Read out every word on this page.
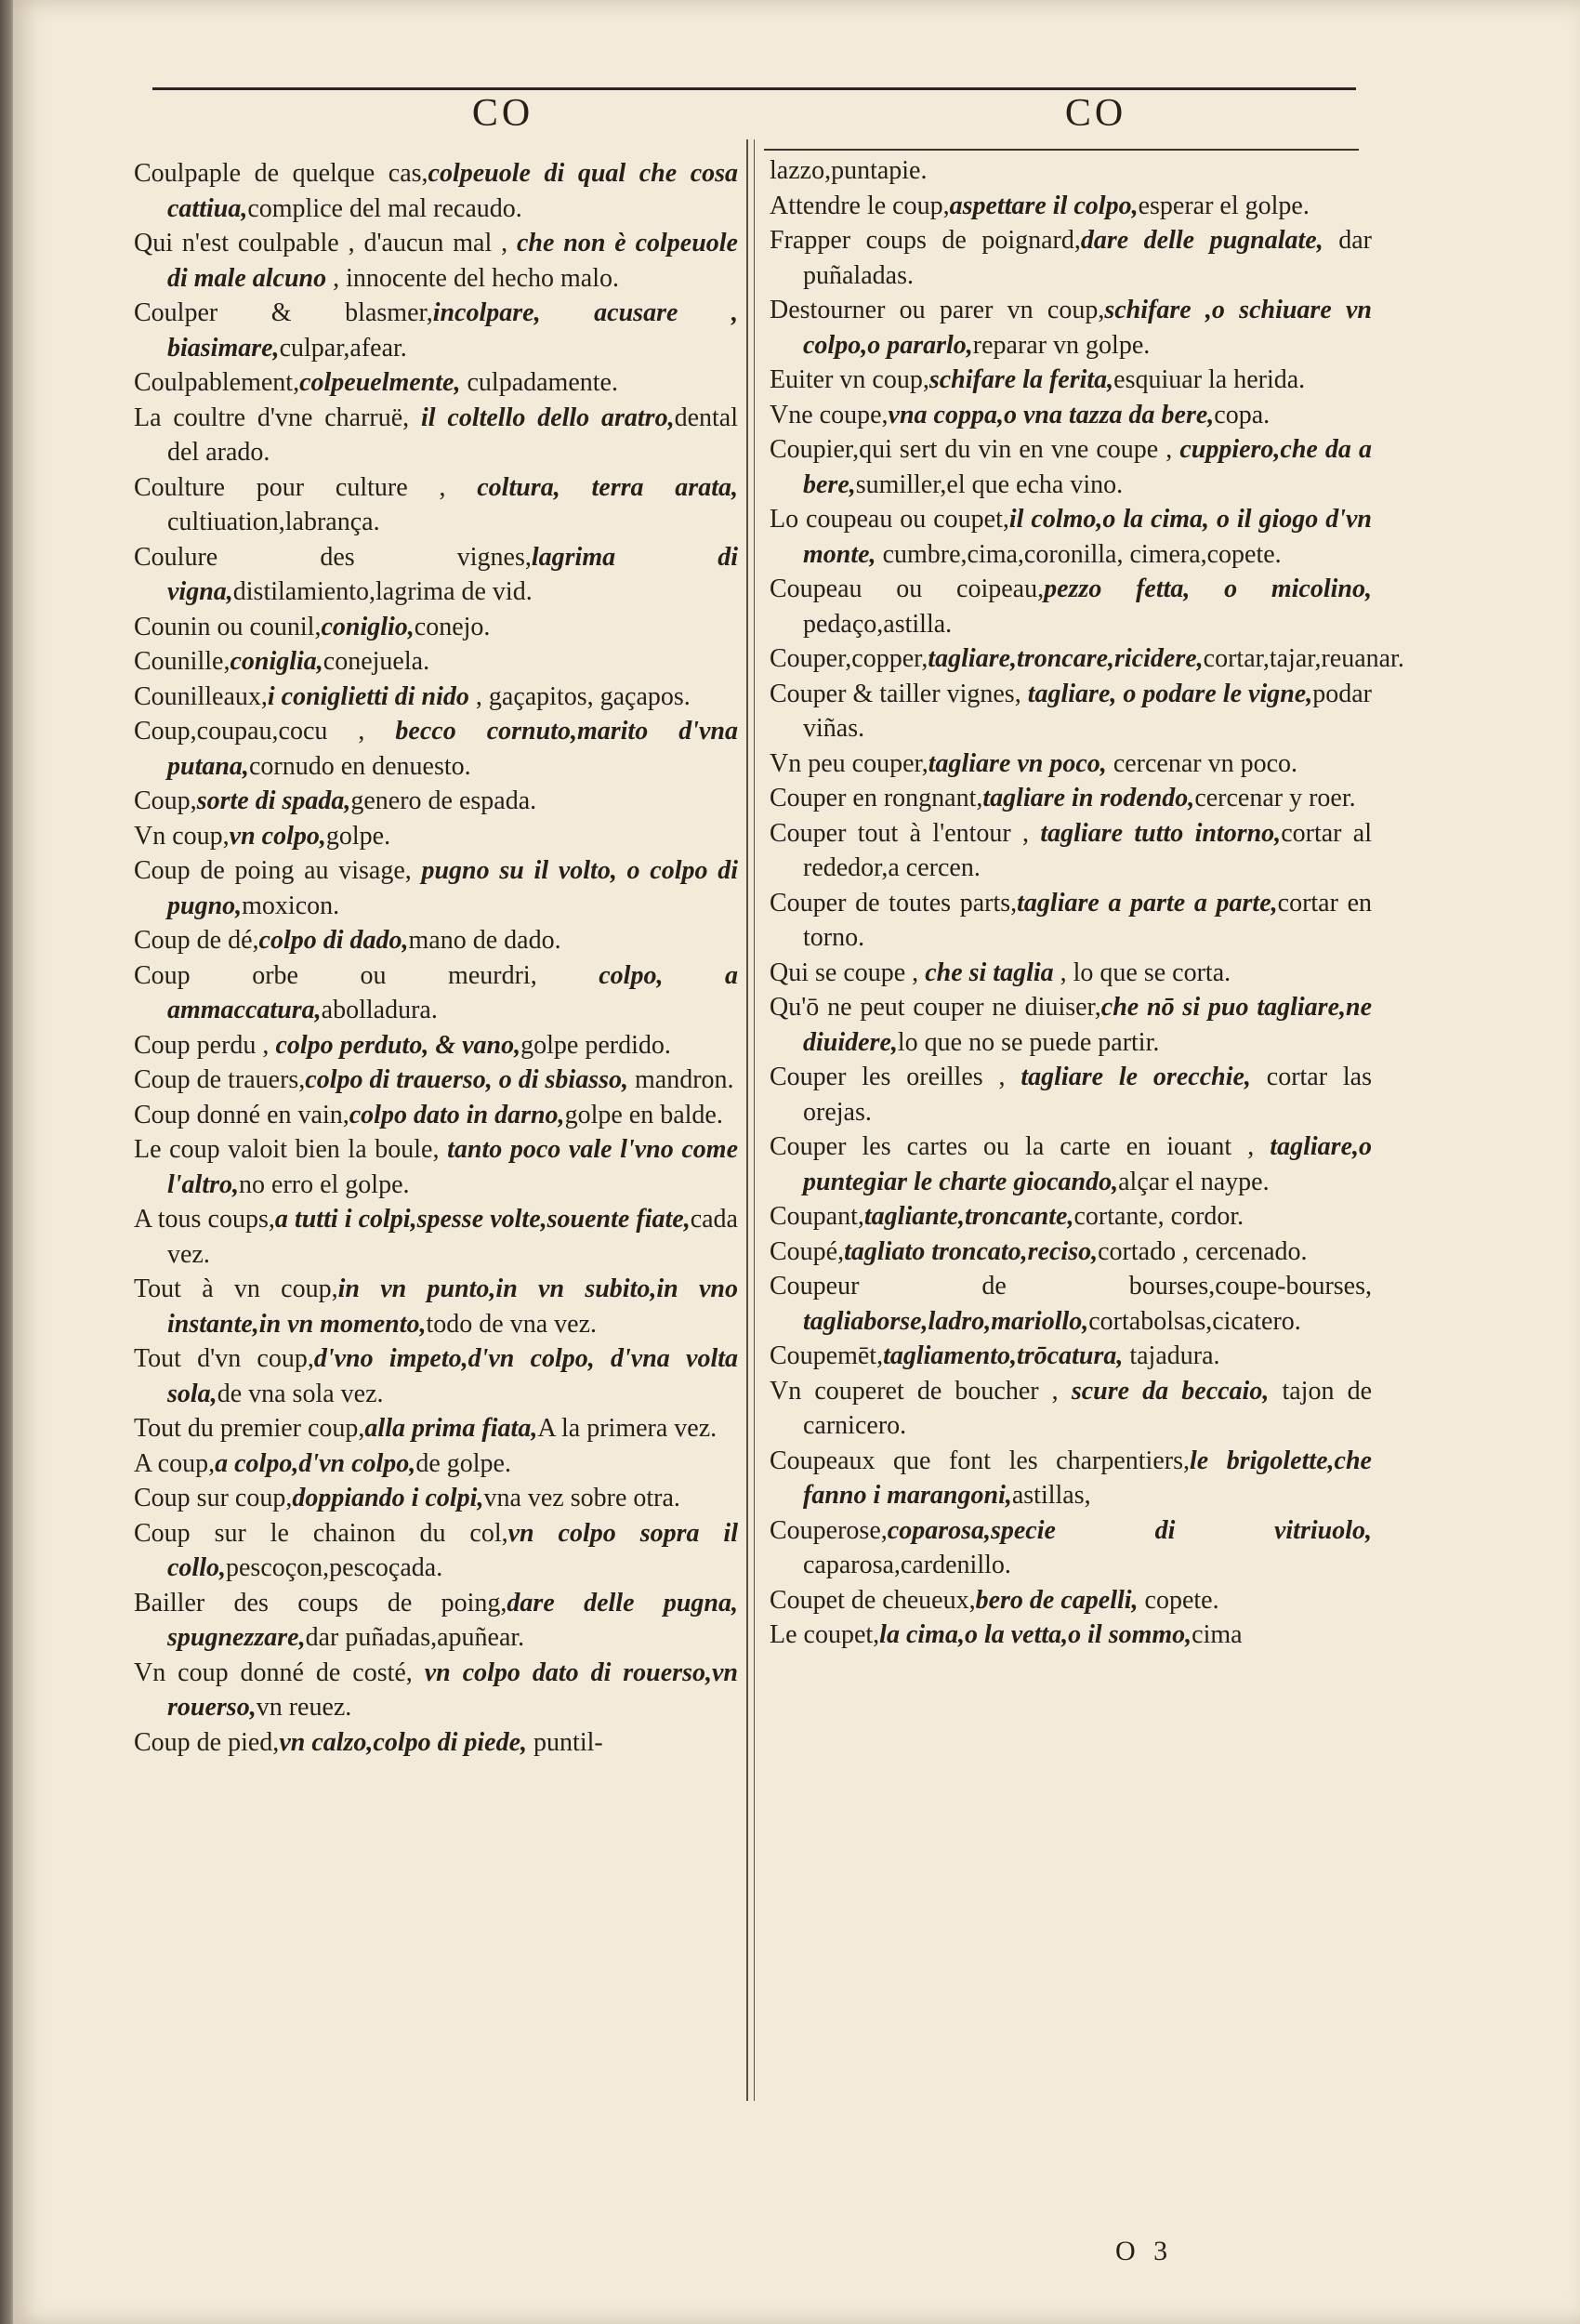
CO	CO
Coulpaple de quelque cas,colpeuole di qual che cosa cattiua,complice del mal recaudo.
Qui n'est coulpable , d'aucun mal , che non è colpeuole di male alcuno , innocente del hecho malo.
Coulper & blasmer,incolpare, acusare , biasimare,culpar,afear.
Coulpablement,colpeuelmente, culpadamente.
La coultre d'vne charruë, il coltello dello aratro,dental del arado.
Coulture pour culture , coltura, terra arata, cultiuation,labrança.
Coulure des vignes,lagrima di vigna,distilamiento,lagrima de vid.
Counin ou counil,coniglio,conejo.
Counille,coniglia,conejuela.
Counilleaux,i coniglietti di nido , gaçapitos, gaçapos.
Coup,coupau,cocu , becco cornuto,marito d'vna putana,cornudo en denuesto.
Coup,sorte di spada,genero de espada.
Vn coup,vn colpo,golpe.
Coup de poing au visage, pugno su il volto, o colpo di pugno,moxicon.
Coup de dé,colpo di dado,mano de dado.
Coup orbe ou meurdri, colpo, a ammaccatura,abolladura.
Coup perdu , colpo perduto, & vano,golpe perdido.
Coup de trauers,colpo di trauerso, o di sbiasso, mandron.
Coup donné en vain,colpo dato in darno,golpe en balde.
Le coup valoit bien la boule, tanto poco vale l'vno come l'altro,no erro el golpe.
A tous coups,a tutti i colpi,spesse volte,souente fiate,cada vez.
Tout à vn coup,in vn punto,in vn subito,in vno instante,in vn momento,todo de vna vez.
Tout d'vn coup,d'vno impeto,d'vn colpo, d'vna volta sola,de vna sola vez.
Tout du premier coup,alla prima fiata,A la primera vez.
A coup,a colpo,d'vn colpo,de golpe.
Coup sur coup,doppiando i colpi,vna vez sobre otra.
Coup sur le chainon du col,vn colpo sopra il collo,pescoçon,pescoçada.
Bailler des coups de poing,dare delle pugna, spugnezzare,dar puñadas,apuñear.
Vn coup donné de costé, vn colpo dato di rouerso,vn rouerso,vn reuez.
Coup de pied,vn calzo,colpo di piede, puntil-
lazzo,puntapie.
Attendre le coup,aspettare il colpo,esperar el golpe.
Frapper coups de poignard,dare delle pugnalate, dar puñaladas.
Destourner ou parer vn coup,schifare ,o schiuare vn colpo,o pararlo,reparar vn golpe.
Euiter vn coup,schifare la ferita,esquiuar la herida.
Vne coupe,vna coppa,o vna tazza da bere,copa.
Coupier,qui sert du vin en vne coupe , cuppiero,che da a bere,sumiller,el que echa vino.
Lo coupeau ou coupet,il colmo,o la cima, o il giogo d'vn monte, cumbre,cima,coronilla, cimera,copete.
Coupeau ou coipeau,pezzo fetta, o micolino, pedaço,astilla.
Couper,copper,tagliare,troncare,ricidere,cortar,tajar,reuanar.
Couper & tailler vignes, tagliare, o podare le vigne,podar viñas.
Vn peu couper,tagliare vn poco, cercenar vn poco.
Couper en rongnant,tagliare in rodendo,cercenar y roer.
Couper tout à l'entour , tagliare tutto intorno,cortar al rededor,a cercen.
Couper de toutes parts,tagliare a parte a parte,cortar en torno.
Qui se coupe , che si taglia , lo que se corta.
Qu'ō ne peut couper ne diuiser,che nō si puo tagliare,ne diuidere,lo que no se puede partir.
Couper les oreilles , tagliare le orecchie, cortar las orejas.
Couper les cartes ou la carte en iouant , tagliare,o puntegiar le charte giocando,alçar el naype.
Coupant,tagliante,troncante,cortante, cordor.
Coupé,tagliato troncato,reciso,cortado , cercenado.
Coupeur de bourses,coupe-bourses, tagliaborse,ladro,mariollo,cortabolsas,cicatero.
Coupemēt,tagliamento,trōcatura, tajadura.
Vn couperet de boucher , scure da beccaio, tajon de carnicero.
Coupeaux que font les charpentiers,le brigolette,che fanno i marangoni,astillas,
Couperose,coparosa,specie di vitriuolo, caparosa,cardenillo.
Coupet de cheueux,bero de capelli, copete.
Le coupet,la cima,o la vetta,o il sommo,cima
O 3
